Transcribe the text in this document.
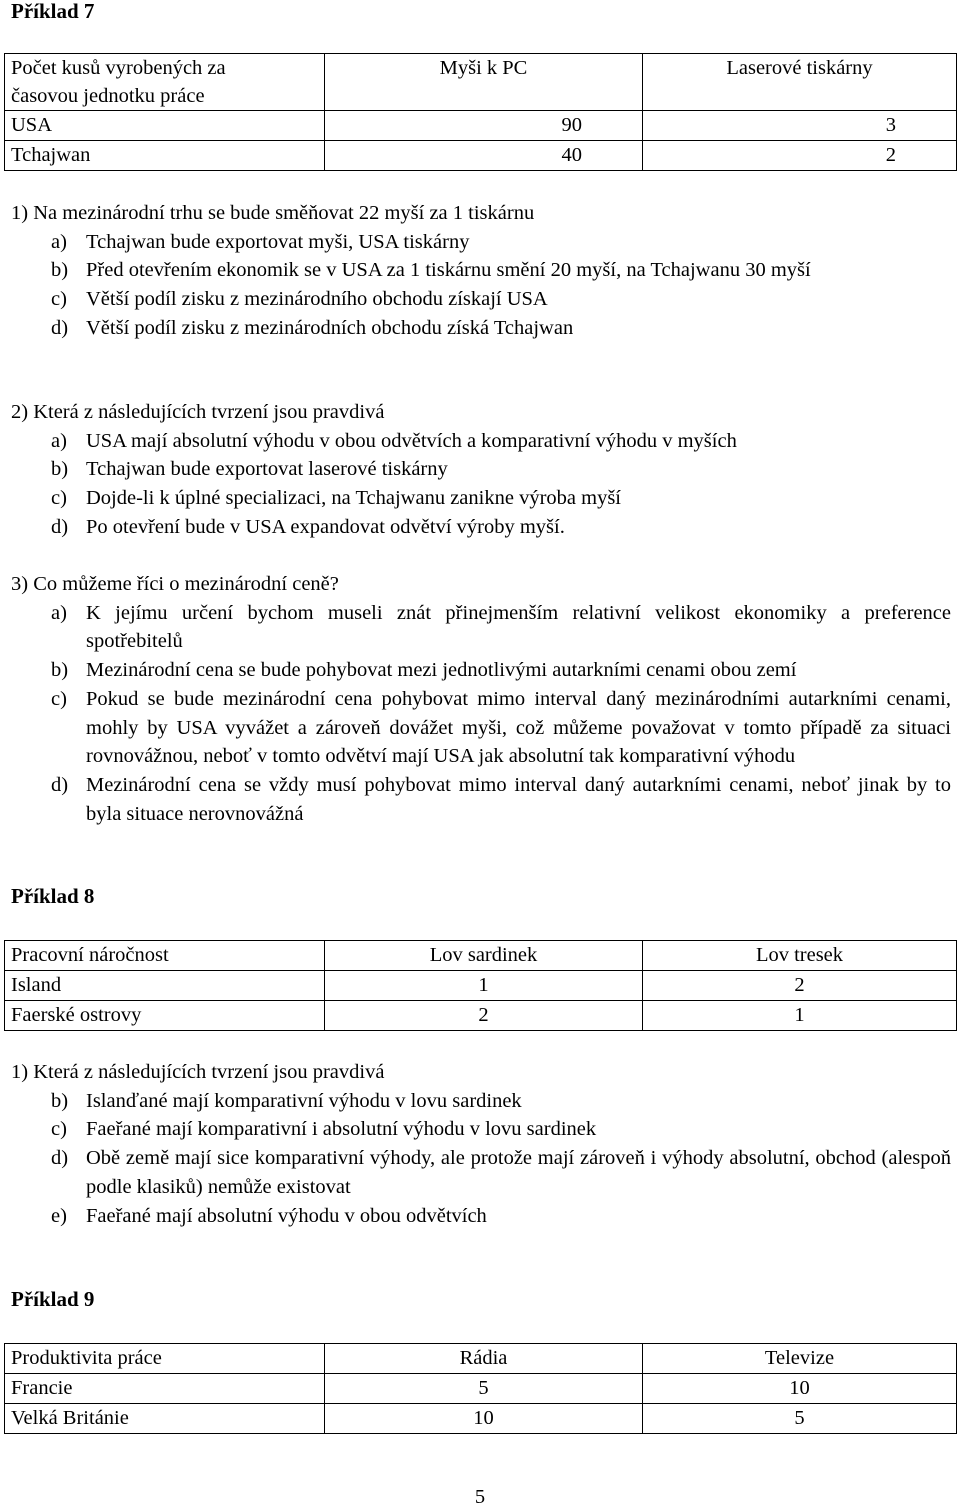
Příklad 7
Počet kusů vyrobených za časovou jednotku práce	Myši k PC	Laserové tiskárny
USA	90	3
Tchajwan	40	2
1) Na mezinárodní trhu se bude směňovat 22 myší za 1 tiskárnu
a) Tchajwan bude exportovat myši, USA tiskárny
b) Před otevřením ekonomik se v USA za 1 tiskárnu smění 20 myší, na Tchajwanu 30 myší
c) Větší podíl zisku z mezinárodního obchodu získají USA
d) Větší podíl zisku z mezinárodních obchodu získá Tchajwan
2) Která z následujících tvrzení jsou pravdivá
a) USA mají absolutní výhodu v obou odvětvích a komparativní výhodu v myších
b) Tchajwan bude exportovat laserové tiskárny
c) Dojde-li k úplné specializaci, na Tchajwanu zanikne výroba myší
d) Po otevření bude v USA expandovat odvětví výroby myší.
3) Co můžeme říci o mezinárodní ceně?
a) K jejímu určení bychom museli znát přinejmenším relativní velikost ekonomiky a preference spotřebitelů
b) Mezinárodní cena se bude pohybovat mezi jednotlivými autarkními cenami obou zemí
c) Pokud se bude mezinárodní cena pohybovat mimo interval daný mezinárodními autarkními cenami, mohly by USA vyvážet a zároveň dovážet myši, což můžeme považovat v tomto případě za situaci rovnovážnou, neboť v tomto odvětví mají USA jak absolutní tak komparativní výhodu
d) Mezinárodní cena se vždy musí pohybovat mimo interval daný autarkními cenami, neboť jinak by to byla situace nerovnovážná
Příklad 8
Pracovní náročnost	Lov sardinek	Lov tresek
Island	1	2
Faerské ostrovy	2	1
1) Která z následujících tvrzení jsou pravdivá
b) Islanďané mají komparativní výhodu v lovu sardinek
c) Faeřané mají komparativní i absolutní výhodu v lovu sardinek
d) Obě země mají sice komparativní výhody, ale protože mají zároveň i výhody absolutní, obchod (alespoň podle klasiků) nemůže existovat
e) Faeřané mají absolutní výhodu v obou odvětvích
Příklad 9
Produktivita práce	Rádia	Televize
Francie	5	10
Velká Británie	10	5
5
